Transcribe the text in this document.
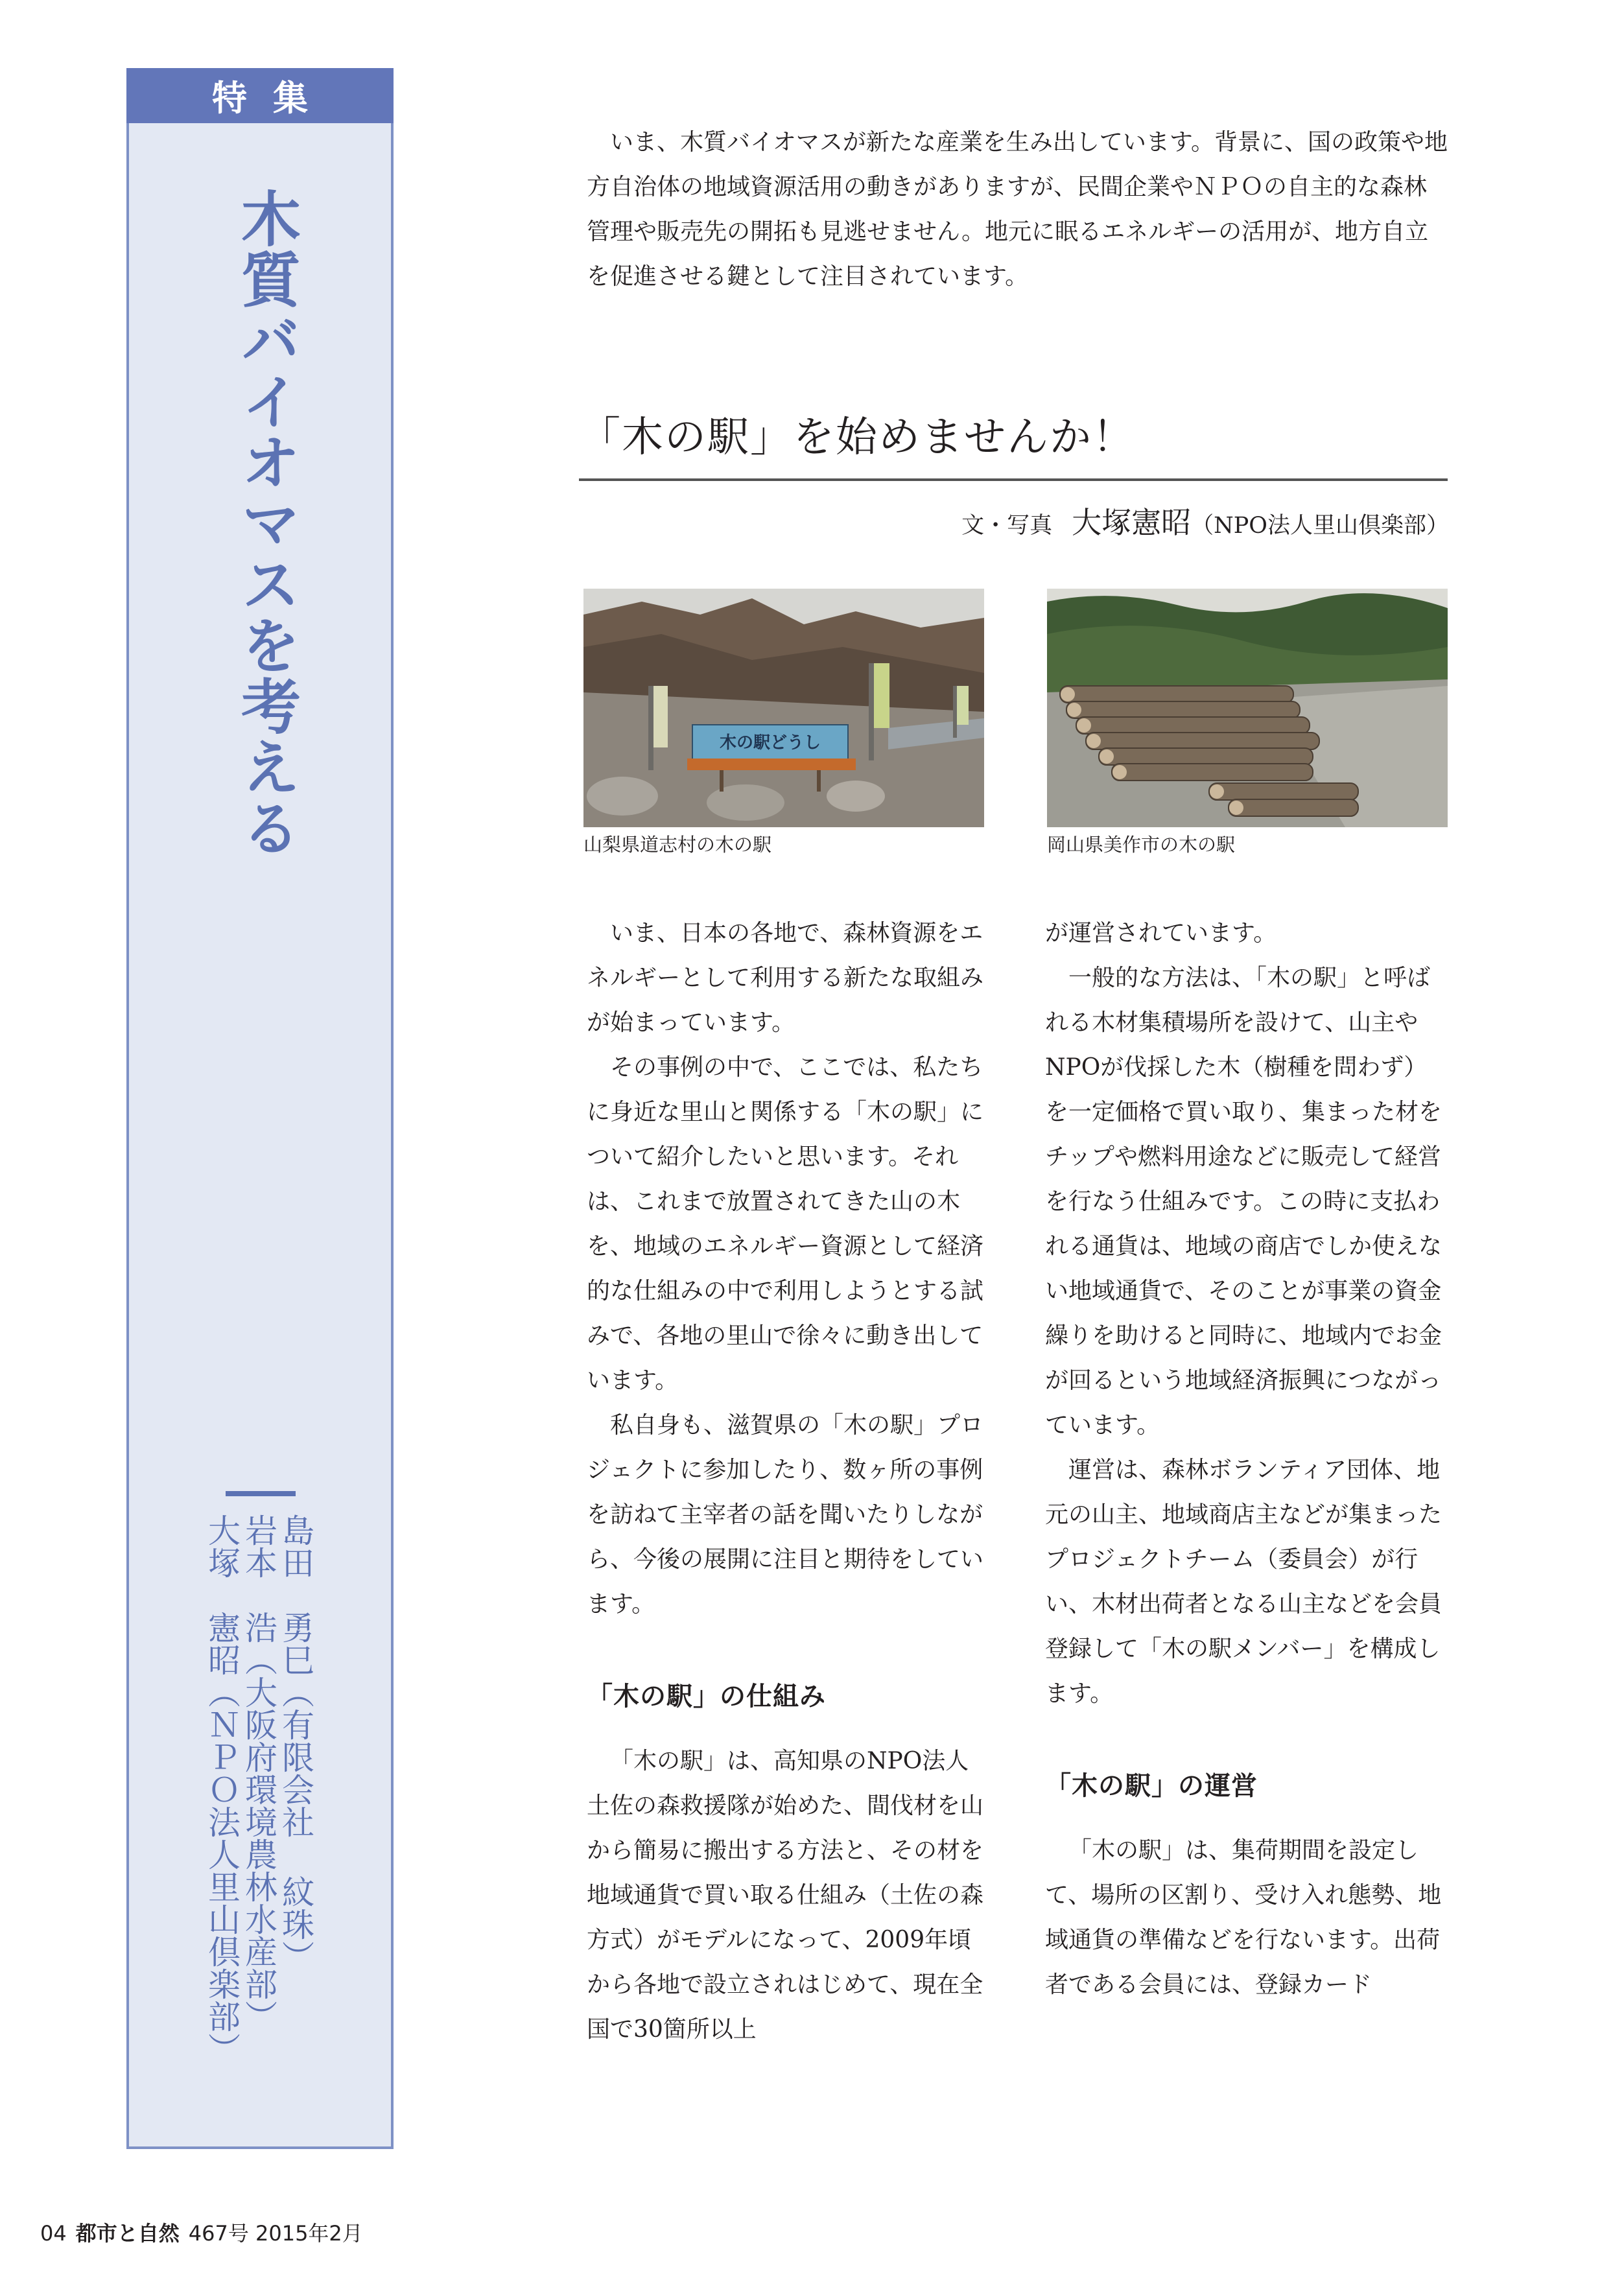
特集
木質バイオマスを考える
島田　勇巳（有限会社 紋珠）
岩本　浩（大阪府環境農林水産部）
大塚　憲昭（ＮＰＯ法人里山倶楽部）

いま、木質バイオマスが新たな産業を生み出しています。背景に、国の政策や地方自治体の地域資源活用の動きがありますが、民間企業やＮＰＯの自主的な森林管理や販売先の開拓も見逃せません。地元に眠るエネルギーの活用が、地方自立を促進させる鍵として注目されています。

「木の駅」を始めませんか！
文・写真 大塚憲昭（NPO法人里山倶楽部）
木の駅どうし
山梨県道志村の木の駅	岡山県美作市の木の駅

いま、日本の各地で、森林資源をエネルギーとして利用する新たな取組みが始まっています。

その事例の中で、ここでは、私たちに身近な里山と関係する「木の駅」について紹介したいと思います。それは、これまで放置されてきた山の木を、地域のエネルギー資源として経済的な仕組みの中で利用しようとする試みで、各地の里山で徐々に動き出しています。

私自身も、滋賀県の「木の駅」プロジェクトに参加したり、数ヶ所の事例を訪ねて主宰者の話を聞いたりしながら、今後の展開に注目と期待をしています。

「木の駅」の仕組み

「木の駅」は、高知県のNPO法人土佐の森救援隊が始めた、間伐材を山から簡易に搬出する方法と、その材を地域通貨で買い取る仕組み（土佐の森方式）がモデルになって、2009年頃から各地で設立されはじめて、現在全国で30箇所以上

が運営されています。

一般的な方法は、「木の駅」と呼ばれる木材集積場所を設けて、山主やNPOが伐採した木（樹種を問わず）を一定価格で買い取り、集まった材をチップや燃料用途などに販売して経営を行なう仕組みです。この時に支払われる通貨は、地域の商店でしか使えない地域通貨で、そのことが事業の資金繰りを助けると同時に、地域内でお金が回るという地域経済振興につながっています。

運営は、森林ボランティア団体、地元の山主、地域商店主などが集まったプロジェクトチーム（委員会）が行い、木材出荷者となる山主などを会員登録して「木の駅メンバー」を構成します。

「木の駅」の運営

「木の駅」は、集荷期間を設定して、場所の区割り、受け入れ態勢、地域通貨の準備などを行ないます。出荷者である会員には、登録カード

04 都市と自然 467号 2015年2月
